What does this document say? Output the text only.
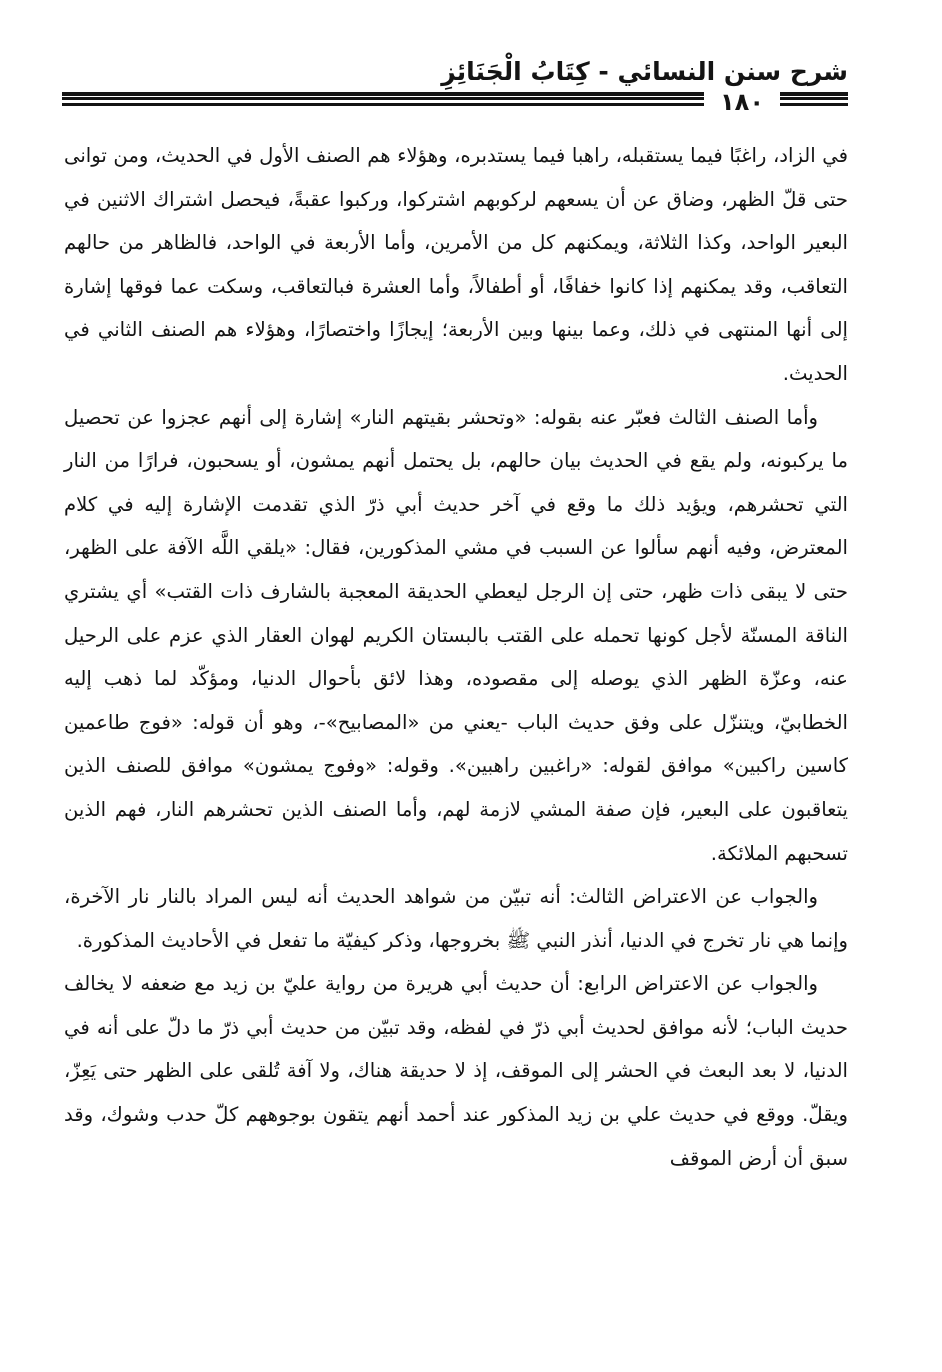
شرح سنن النسائي - كِتَابُ الْجَنَائِزِ
١٨٠

في الزاد، راغبًا فيما يستقبله، راهبا فيما يستدبره، وهؤلاء هم الصنف الأول في الحديث، ومن توانى حتى قلّ الظهر، وضاق عن أن يسعهم لركوبهم اشتركوا، وركبوا عقبةً، فيحصل اشتراك الاثنين في البعير الواحد، وكذا الثلاثة، ويمكنهم كل من الأمرين، وأما الأربعة في الواحد، فالظاهر من حالهم التعاقب، وقد يمكنهم إذا كانوا خفافًا، أو أطفالاً، وأما العشرة فبالتعاقب، وسكت عما فوقها إشارة إلى أنها المنتهى في ذلك، وعما بينها وبين الأربعة؛ إيجازًا واختصارًا، وهؤلاء هم الصنف الثاني في الحديث.

وأما الصنف الثالث فعبّر عنه بقوله: «وتحشر بقيتهم النار» إشارة إلى أنهم عجزوا عن تحصيل ما يركبونه، ولم يقع في الحديث بيان حالهم، بل يحتمل أنهم يمشون، أو يسحبون، فرارًا من النار التي تحشرهم، ويؤيد ذلك ما وقع في آخر حديث أبي ذرّ الذي تقدمت الإشارة إليه في كلام المعترض، وفيه أنهم سألوا عن السبب في مشي المذكورين، فقال: «يلقي اللَّه الآفة على الظهر، حتى لا يبقى ذات ظهر، حتى إن الرجل ليعطي الحديقة المعجبة بالشارف ذات القتب» أي يشتري الناقة المسنّة لأجل كونها تحمله على القتب بالبستان الكريم لهوان العقار الذي عزم على الرحيل عنه، وعزّة الظهر الذي يوصله إلى مقصوده، وهذا لائق بأحوال الدنيا، ومؤكّد لما ذهب إليه الخطابيّ، ويتنزّل على وفق حديث الباب -يعني من «المصابيح»-، وهو أن قوله: «فوج طاعمين كاسين راكبين» موافق لقوله: «راغبين راهبين». وقوله: «وفوج يمشون» موافق للصنف الذين يتعاقبون على البعير، فإن صفة المشي لازمة لهم، وأما الصنف الذين تحشرهم النار، فهم الذين تسحبهم الملائكة.

والجواب عن الاعتراض الثالث: أنه تبيّن من شواهد الحديث أنه ليس المراد بالنار نار الآخرة، وإنما هي نار تخرج في الدنيا، أنذر النبي ﷺ بخروجها، وذكر كيفيّة ما تفعل في الأحاديث المذكورة.

والجواب عن الاعتراض الرابع: أن حديث أبي هريرة من رواية عليّ بن زيد مع ضعفه لا يخالف حديث الباب؛ لأنه موافق لحديث أبي ذرّ في لفظه، وقد تبيّن من حديث أبي ذرّ ما دلّ على أنه في الدنيا، لا بعد البعث في الحشر إلى الموقف، إذ لا حديقة هناك، ولا آفة تُلقى على الظهر حتى يَعِزّ، ويقلّ. ووقع في حديث علي بن زيد المذكور عند أحمد أنهم يتقون بوجوههم كلّ حدب وشوك، وقد سبق أن أرض الموقف
